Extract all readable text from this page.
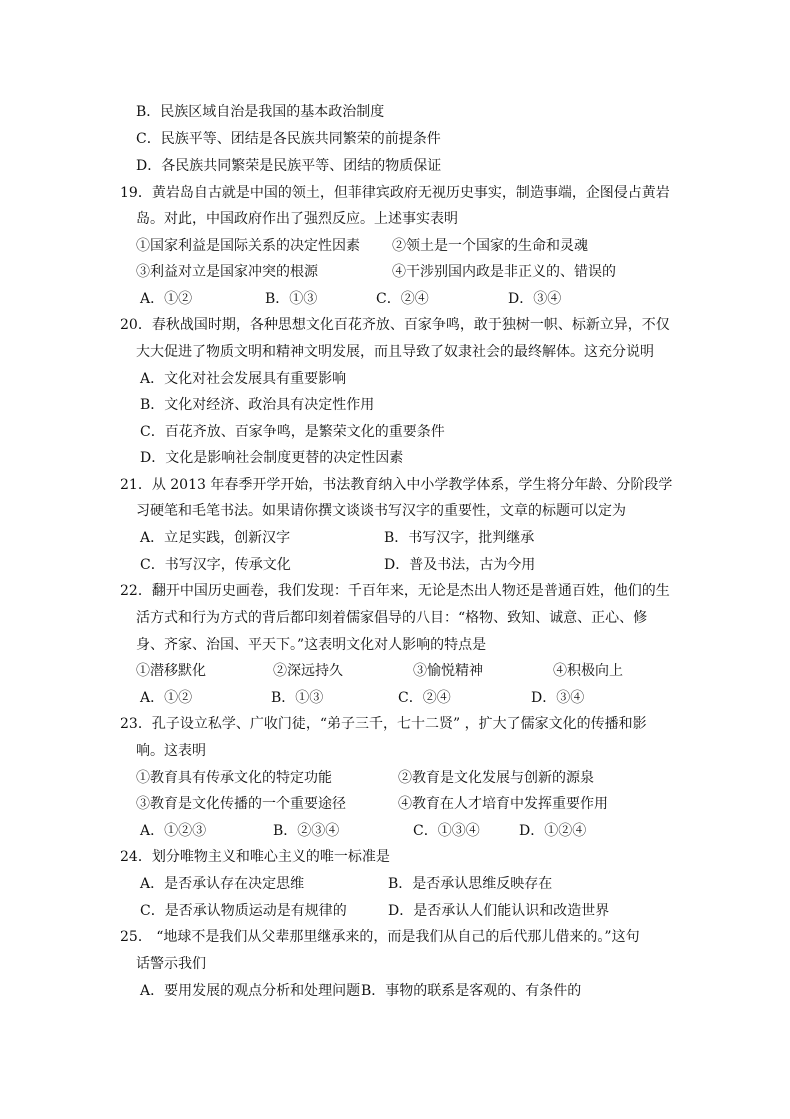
B．民族区域自治是我国的基本政治制度
C．民族平等、团结是各民族共同繁荣的前提条件
D．各民族共同繁荣是民族平等、团结的物质保证
19．黄岩岛自古就是中国的领土，但菲律宾政府无视历史事实，制造事端，企图侵占黄岩
岛。对此，中国政府作出了强烈反应。上述事实表明
①国家利益是国际关系的决定性因素 ②领土是一个国家的生命和灵魂
③利益对立是国家冲突的根源	④干涉别国内政是非正义的、错误的
A．①②	B．①③	C．②④	D．③④
20．春秋战国时期，各种思想文化百花齐放、百家争鸣，敢于独树一帜、标新立异，不仅
大大促进了物质文明和精神文明发展，而且导致了奴隶社会的最终解体。这充分说明
A．文化对社会发展具有重要影响
B．文化对经济、政治具有决定性作用
C．百花齐放、百家争鸣，是繁荣文化的重要条件
D．文化是影响社会制度更替的决定性因素
21．从 2013 年春季开学开始，书法教育纳入中小学教学体系，学生将分年龄、分阶段学
习硬笔和毛笔书法。如果请你撰文谈谈书写汉字的重要性，文章的标题可以定为
A．立足实践，创新汉字	B．书写汉字，批判继承
C．书写汉字，传承文化	D．普及书法，古为今用
22．翻开中国历史画卷，我们发现：千百年来，无论是杰出人物还是普通百姓，他们的生
活方式和行为方式的背后都印刻着儒家倡导的八目：“格物、致知、诚意、正心、修
身、齐家、治国、平天下。”这表明文化对人影响的特点是
①潜移默化	②深远持久	③愉悦精神	④积极向上
A．①②	B．①③	C．②④	D．③④
23．孔子设立私学、广收门徒，“弟子三千，七十二贤” ，扩大了儒家文化的传播和影
响。这表明
①教育具有传承文化的特定功能	②教育是文化发展与创新的源泉
③教育是文化传播的一个重要途径	④教育在人才培育中发挥重要作用
A．①②③	B．②③④	C．①③④	D．①②④
24．划分唯物主义和唯心主义的唯一标准是
A．是否承认存在决定思维	B．是否承认思维反映存在
C．是否承认物质运动是有规律的	D．是否承认人们能认识和改造世界
25． “地球不是我们从父辈那里继承来的，而是我们从自己的后代那儿借来的。”这句
话警示我们
A．要用发展的观点分析和处理问题 B．事物的联系是客观的、有条件的
